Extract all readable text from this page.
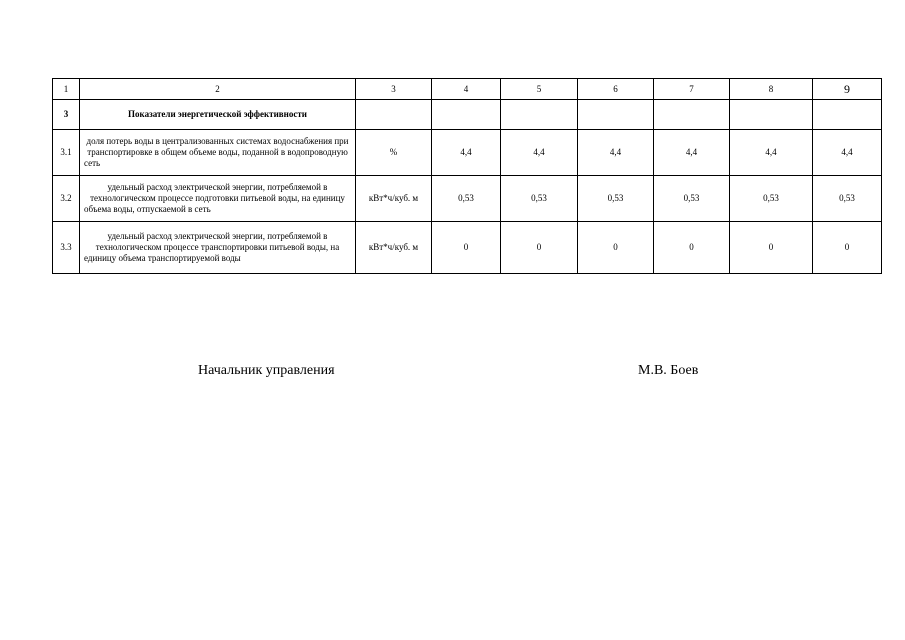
1	2	3	4	5	6	7	8	9
3	Показатели энергетической эффективности							
3.1	доля потерь воды в централизованных системах водоснабжения при транспортировке в общем объеме воды, поданной в водопроводную сеть	%	4,4	4,4	4,4	4,4	4,4	4,4
3.2	удельный расход электрической энергии, потребляемой в технологическом процессе подготовки питьевой воды, на единицу объема воды, отпускаемой в сеть	кВт*ч/куб. м	0,53	0,53	0,53	0,53	0,53	0,53
3.3	удельный расход электрической энергии, потребляемой в технологическом процессе транспортировки питьевой воды, на единицу объема транспортируемой воды	кВт*ч/куб. м	0	0	0	0	0	0
Начальник управления	М.В. Боев
